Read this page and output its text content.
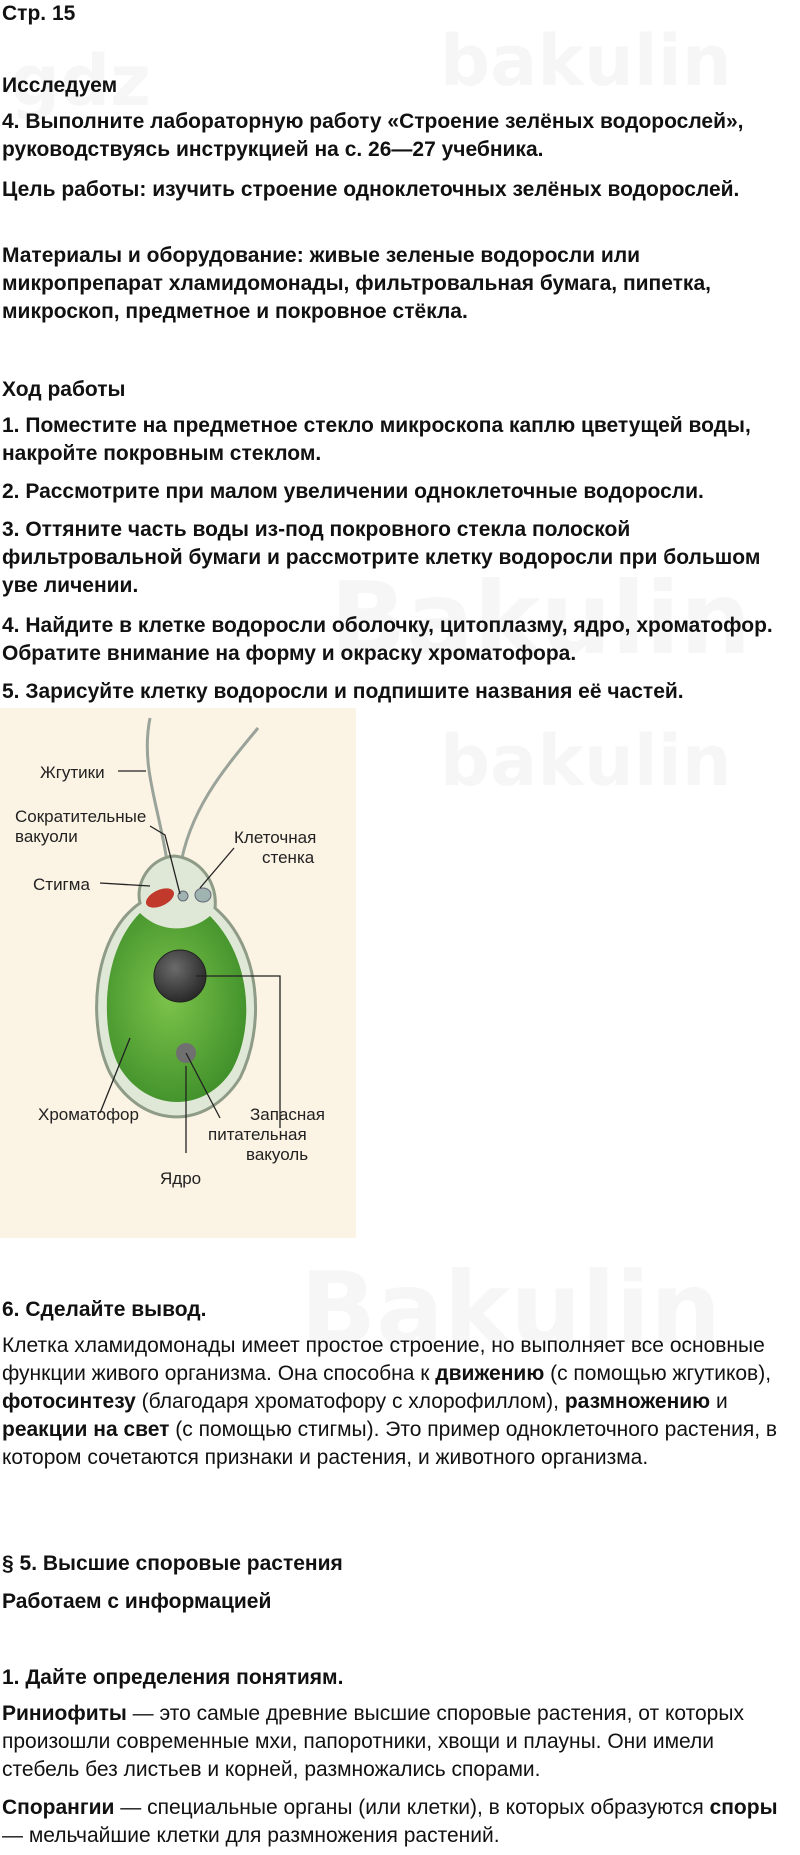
Стр. 15
Исследуем
4. Выполните лабораторную работу «Строение зелёных водорослей», руководствуясь инструкцией на с. 26—27 учебника.
Цель работы: изучить строение одноклеточных зелёных водорослей.
Материалы и оборудование: живые зеленые водоросли или микропрепарат хламидомонады, фильтровальная бумага, пипетка, микроскоп, предметное и покровное стёкла.
Ход работы
1. Поместите на предметное стекло микроскопа каплю цветущей воды, накройте покровным стеклом.
2. Рассмотрите при малом увеличении одноклеточные водоросли.
3. Оттяните часть воды из-под покровного стекла полоской фильтровальной бумаги и рассмотрите клетку водоросли при большом уве личении.
4. Найдите в клетке водоросли оболочку, цитоплазму, ядро, хроматофор. Обратите внимание на форму и окраску хроматофора.
5. Зарисуйте клетку водоросли и подпишите названия её частей.
Жгутики
Сократительные
вакуоли
Стигма
Клеточная
стенка
Хроматофор	Запасная
питательная
вакуоль
Ядро
6. Сделайте вывод.

Клетка хламидомонады имеет простое строение, но выполняет все основные функции живого организма. Она способна к движению (с помощью жгутиков), фотосинтезу (благодаря хроматофору с хлорофиллом), размножению и реакции на свет (с помощью стигмы). Это пример одноклеточного растения, в котором сочетаются признаки и растения, и животного организма.

§ 5. Высшие споровые растения
Работаем с информацией
1. Дайте определения понятиям.

Риниофиты — это самые древние высшие споровые растения, от которых произошли современные мхи, папоротники, хвощи и плауны. Они имели стебель без листьев и корней, размножались спорами.

Спорангии — специальные органы (или клетки), в которых образуются споры — мельчайшие клетки для размножения растений.
